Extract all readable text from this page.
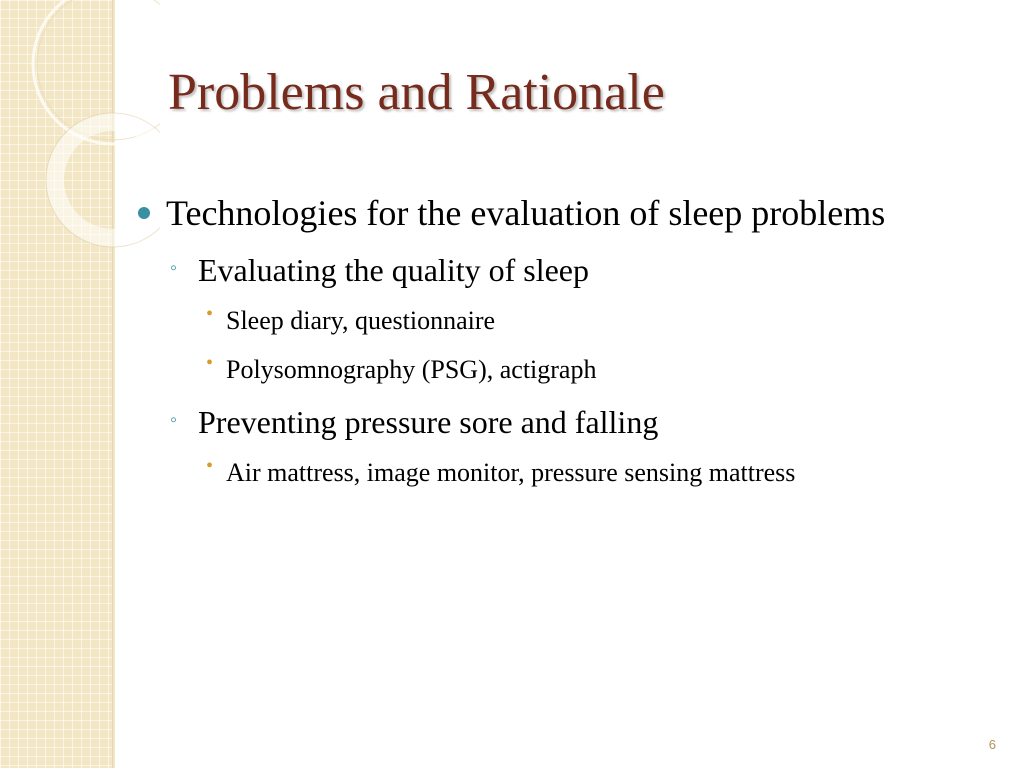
Problems and Rationale
Technologies for the evaluation of sleep problems
◦ Evaluating the quality of sleep
• Sleep diary, questionnaire
• Polysomnography (PSG), actigraph
◦ Preventing pressure sore and falling
• Air mattress, image monitor, pressure sensing mattress
6
